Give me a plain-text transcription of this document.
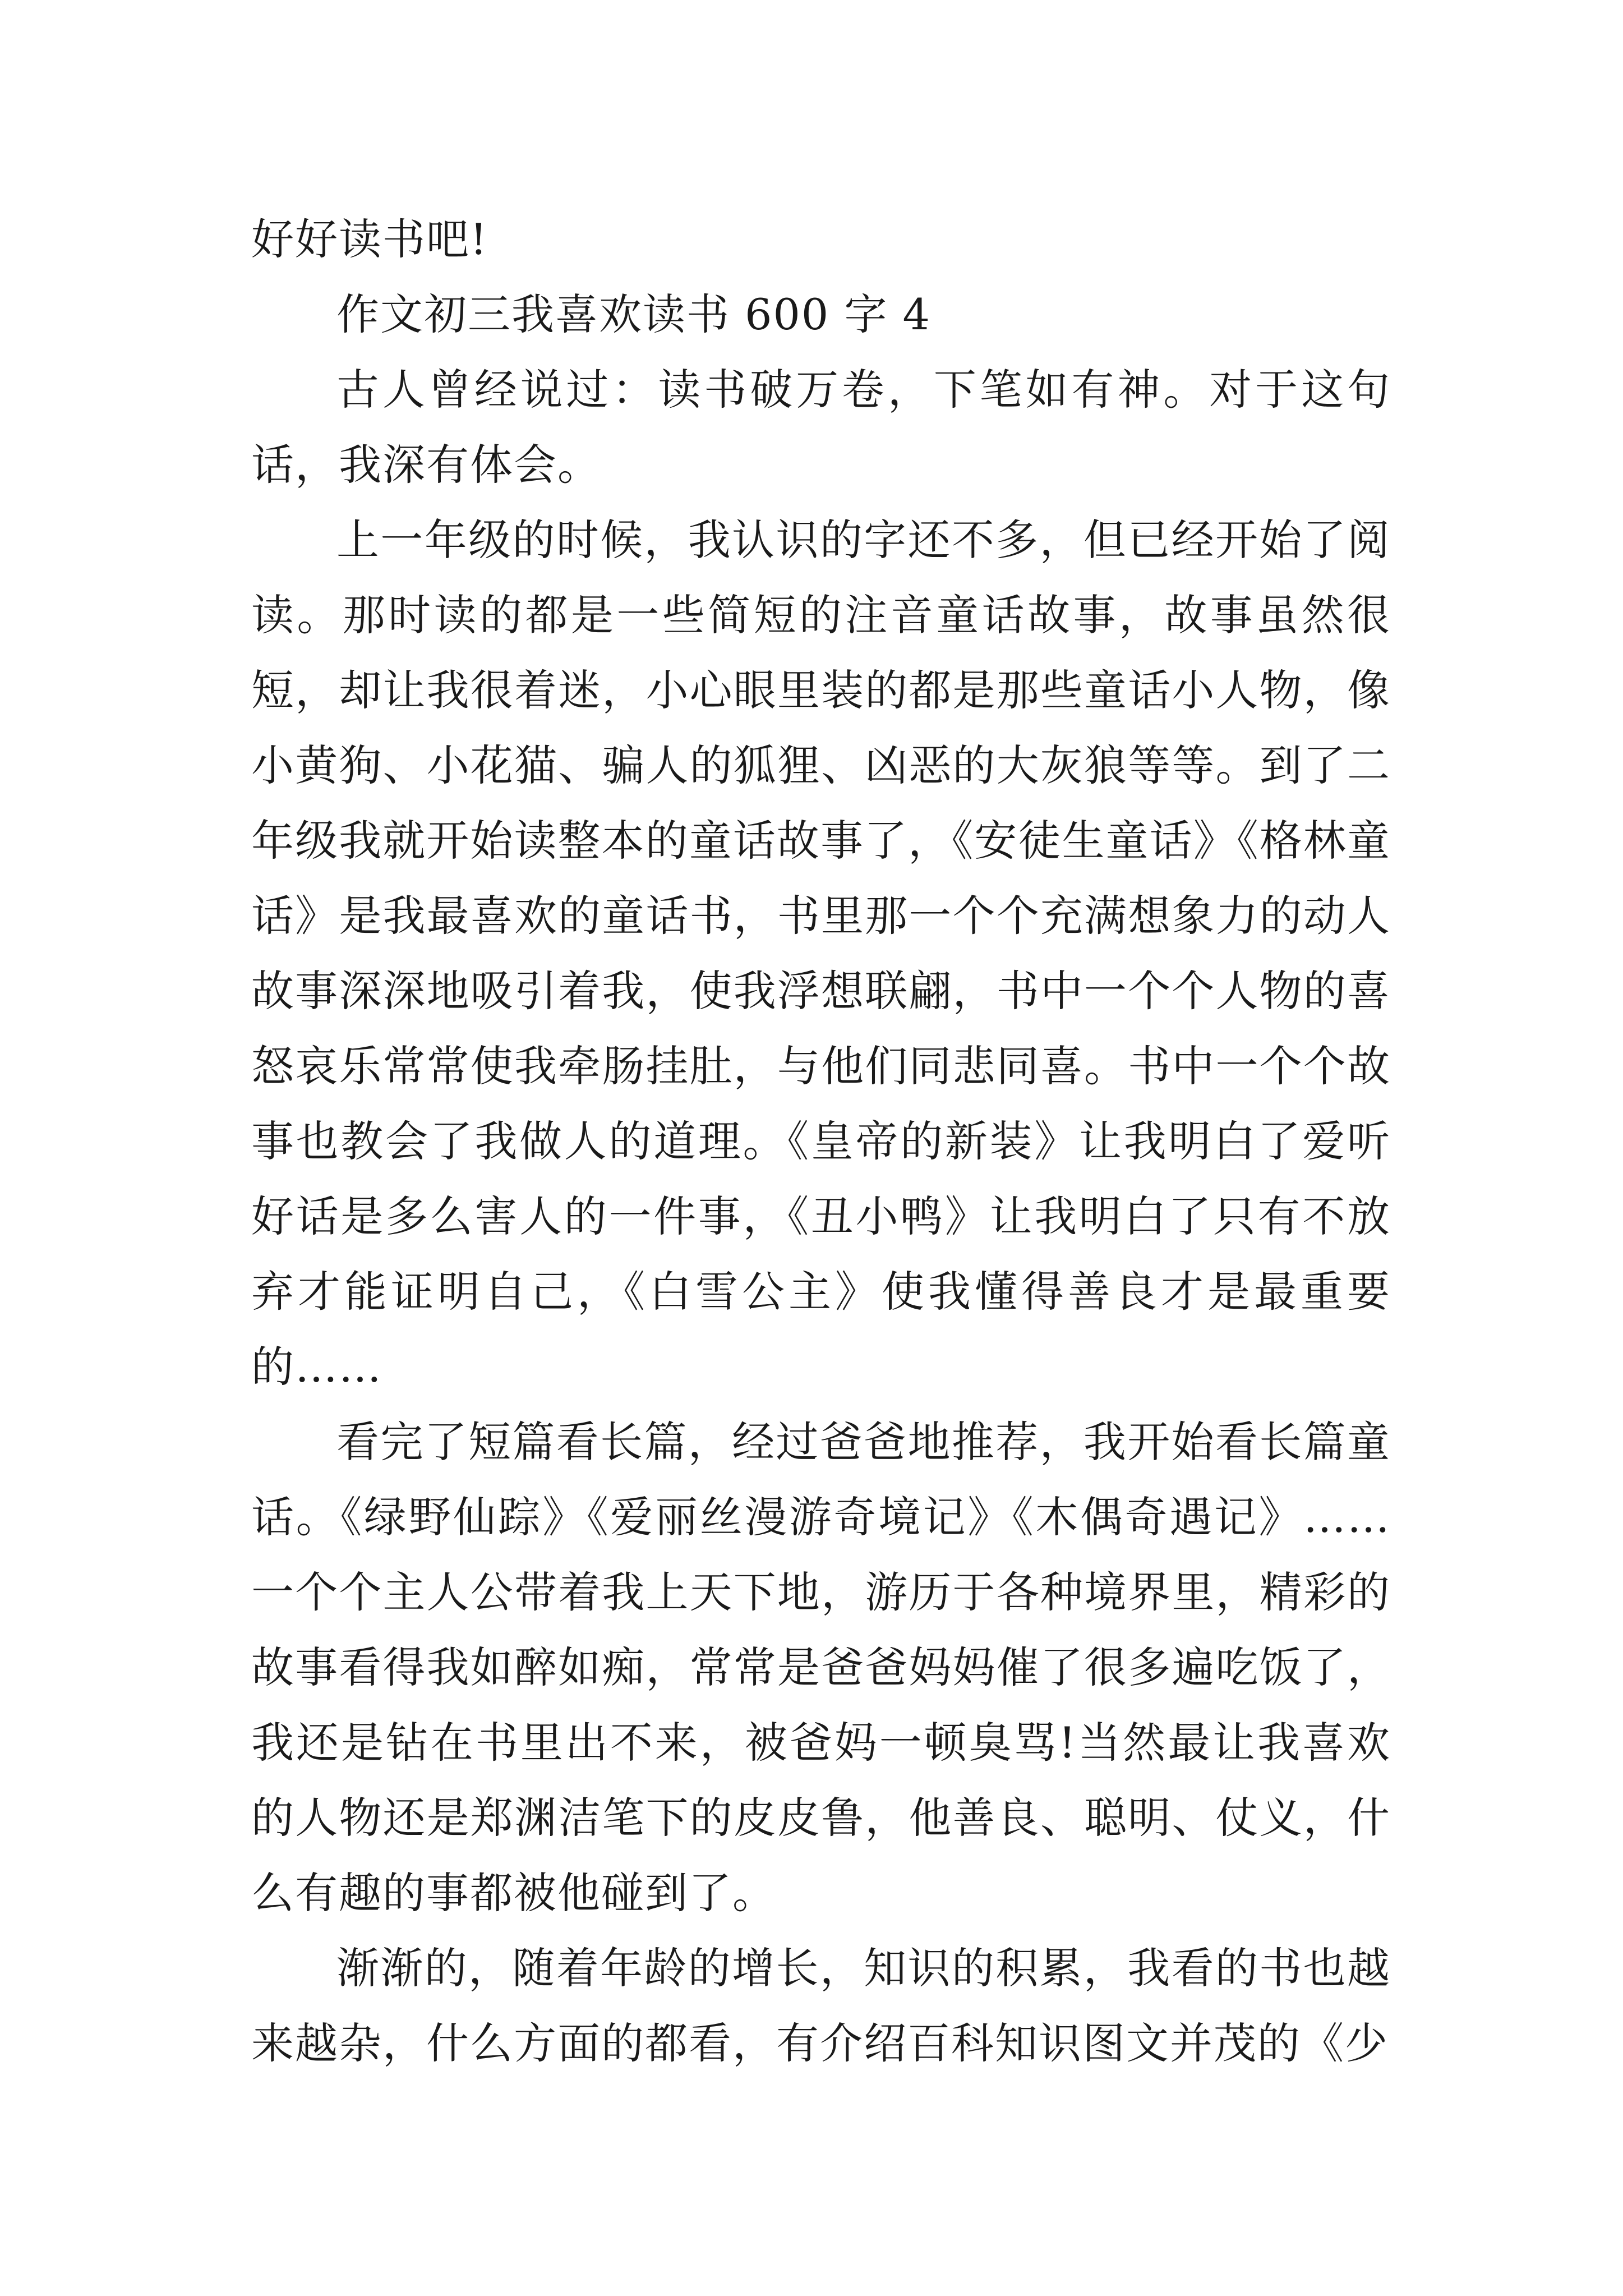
好好读书吧!

作文初三我喜欢读书 600 字 4

古人曾经说过：读书破万卷，下笔如有神。对于这句话，我深有体会。

上一年级的时候，我认识的字还不多，但已经开始了阅读。那时读的都是一些简短的注音童话故事，故事虽然很短，却让我很着迷，小心眼里装的都是那些童话小人物，像小黄狗、小花猫、骗人的狐狸、凶恶的大灰狼等等。到了二年级我就开始读整本的童话故事了，《安徒生童话》《格林童话》是我最喜欢的童话书，书里那一个个充满想象力的动人故事深深地吸引着我，使我浮想联翩，书中一个个人物的喜怒哀乐常常使我牵肠挂肚，与他们同悲同喜。书中一个个故事也教会了我做人的道理。《皇帝的新装》让我明白了爱听好话是多么害人的一件事，《丑小鸭》让我明白了只有不放弃才能证明自己，《白雪公主》使我懂得善良才是最重要的……

看完了短篇看长篇，经过爸爸地推荐，我开始看长篇童话。《绿野仙踪》《爱丽丝漫游奇境记》《木偶奇遇记》……一个个主人公带着我上天下地，游历于各种境界里，精彩的故事看得我如醉如痴，常常是爸爸妈妈催了很多遍吃饭了，我还是钻在书里出不来，被爸妈一顿臭骂!当然最让我喜欢的人物还是郑渊洁笔下的皮皮鲁，他善良、聪明、仗义，什么有趣的事都被他碰到了。

渐渐的，随着年龄的增长，知识的积累，我看的书也越来越杂，什么方面的都看，有介绍百科知识图文并茂的《少
